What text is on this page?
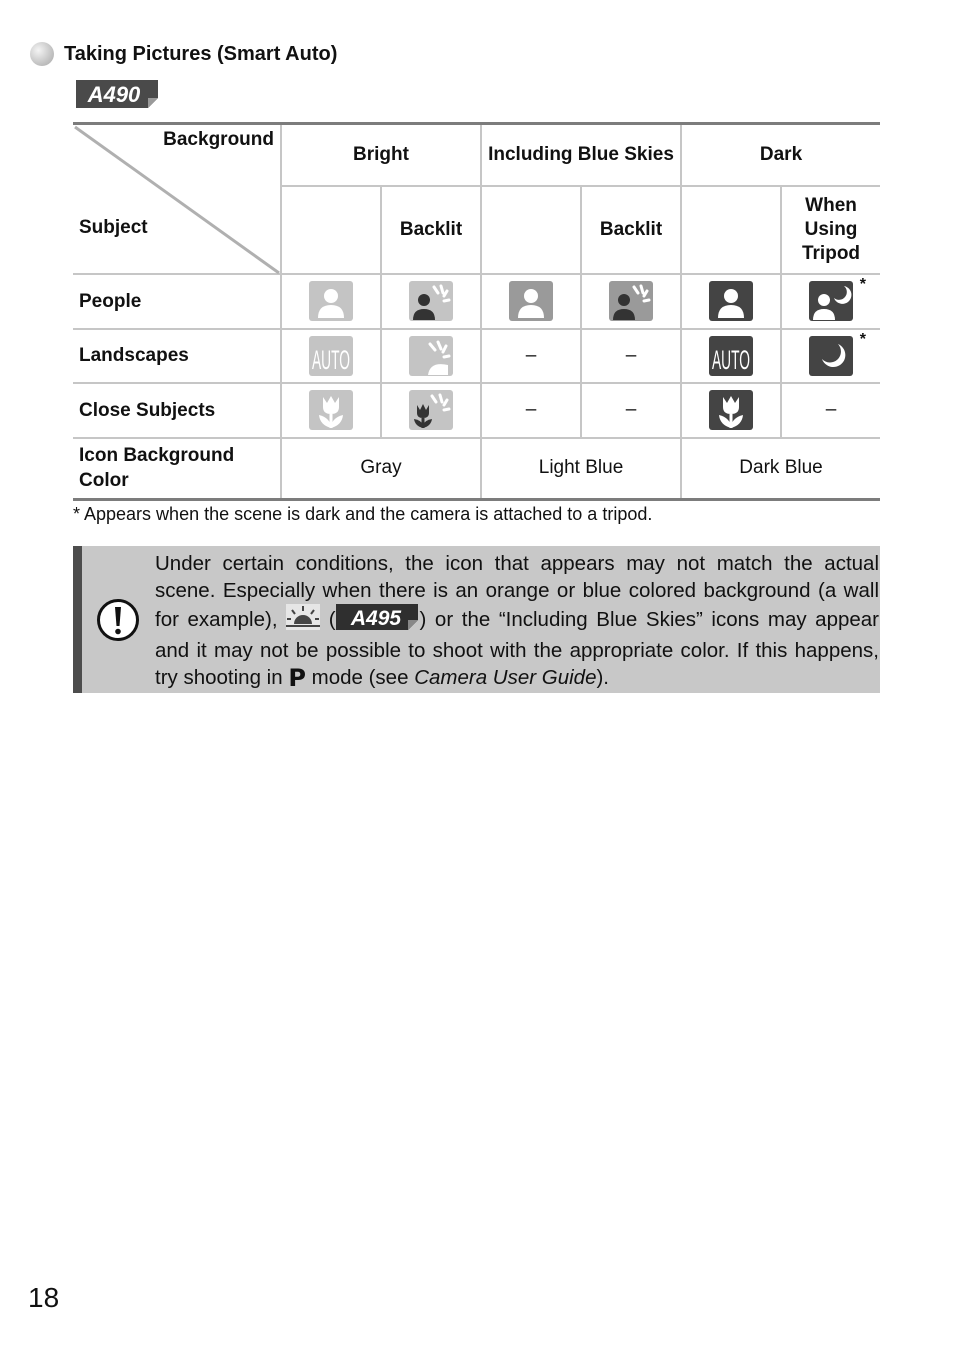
Taking Pictures (Smart Auto)
A490
Background
Subject	Bright		Including Blue Skies		Dark	
		Backlit		Backlit		When Using Tripod
People						*

Landscapes	AUTO		–	–	AUTO	*

Close Subjects			–	–		–
Icon Background Color	Gray		Light Blue		Dark Blue	
* Appears when the scene is dark and the camera is attached to a tripod.
Under certain conditions, the icon that appears may not match the actual scene. Especially when there is an orange or blue colored background (a wall for example), ( A495 ) or the “Including Blue Skies” icons may appear and it may not be possible to shoot with the appropriate color. If this happens, try shooting in P mode (see Camera User Guide).
18
